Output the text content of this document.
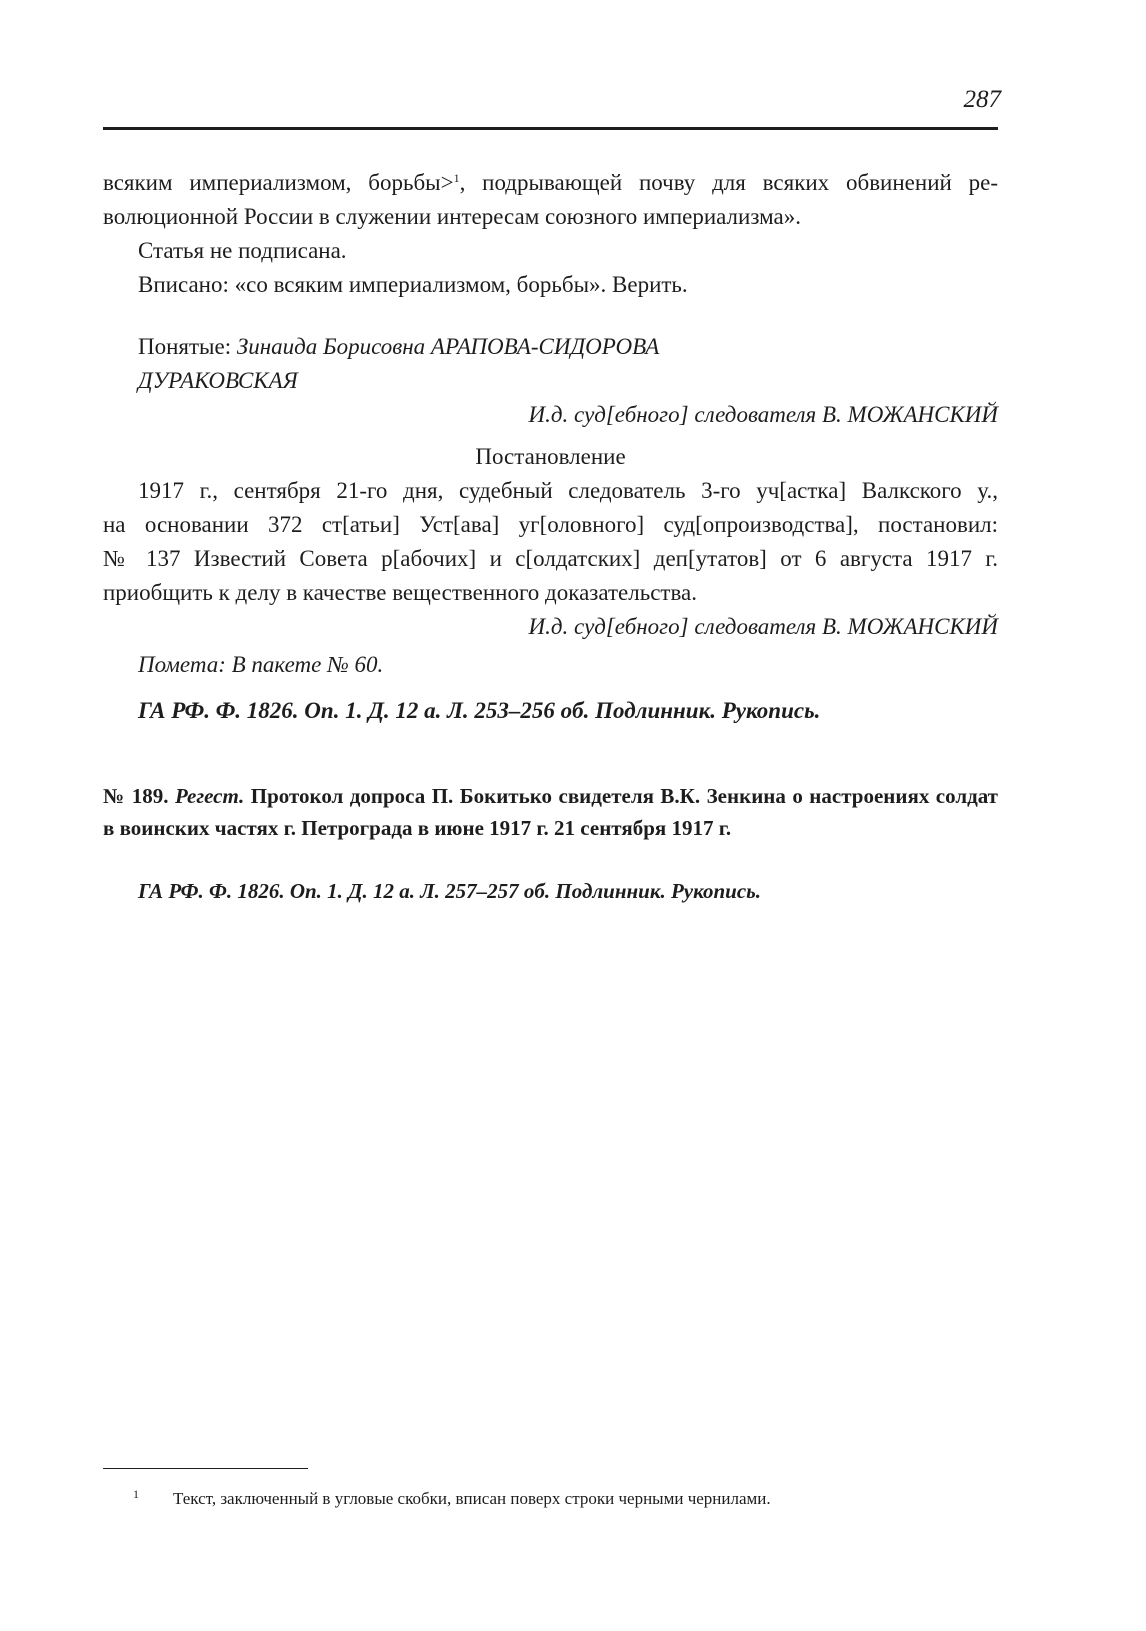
287

всяким империализмом, борьбы>$^1$, подрывающей почву для всяких обвинений ре-

волюционной России в служении интересам союзного империализма».

Статья не подписана.

Вписано: «со всяким империализмом, борьбы». Верить.

Понятые: Зинаида Борисовна АРАПОВА-СИДОРОВА

ДУРАКОВСКАЯ

И.д. суд[ебного] следователя В. МОЖАНСКИЙ

Постановление

1917 г., сентября 21-го дня, судебный следователь 3-го уч[астка] Валкского у.,

на основании 372 ст[атьи] Уст[ава] уг[оловного] суд[опроизводства], постановил:

№ 137 Известий Совета р[абочих] и с[олдатских] деп[утатов] от 6 августа 1917 г.

приобщить к делу в качестве вещественного доказательства.

И.д. суд[ебного] следователя В. МОЖАНСКИЙ

Помета: В пакете № 60.

ГА РФ. Ф. 1826. Оп. 1. Д. 12 а. Л. 253–256 об. Подлинник. Рукопись.

№ 189. Регест. Протокол допроса П. Бокитько свидетеля В.К. Зенкина о настроениях солдат в воинских частях г. Петрограда в июне 1917 г. 21 сентября 1917 г.

ГА РФ. Ф. 1826. Оп. 1. Д. 12 а. Л. 257–257 об. Подлинник. Рукопись.

1 Текст, заключенный в угловые скобки, вписан поверх строки черными чернилами.
